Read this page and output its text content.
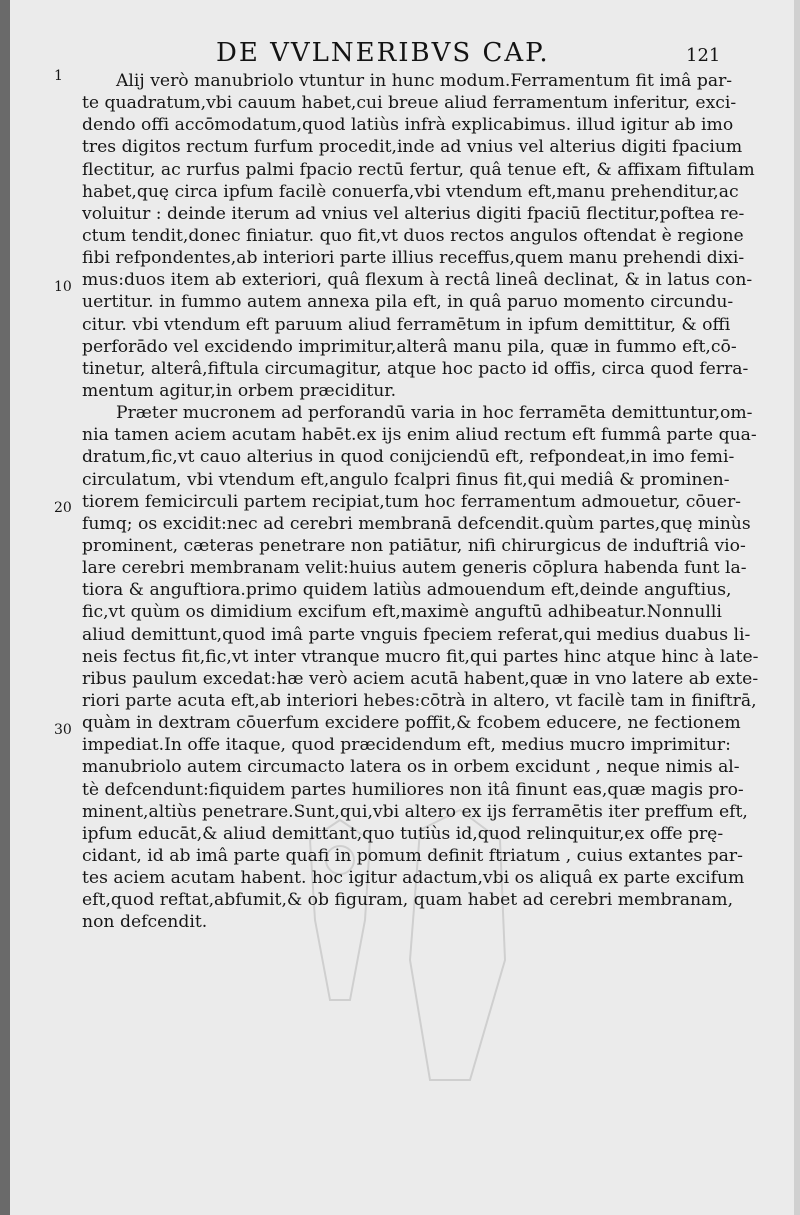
DE VVLNERIBVS CAP.	121
1
10
20
30
Alij verò manubriolo vtuntur in hunc modum.Ferramentum fit imâ par-
te quadratum,vbi cauum habet,cui breue aliud ferramentum inferitur, exci-
dendo offi accōmodatum,quod latiùs infrà explicabimus. illud igitur ab imo
tres digitos rectum furfum procedit,inde ad vnius vel alterius digiti fpacium
flectitur, ac rurfus palmi fpacio rectū fertur, quâ tenue eft, & affixam fiftulam
habet,quę circa ipfum facilè conuerfa,vbi vtendum eft,manu prehenditur,ac
voluitur : deinde iterum ad vnius vel alterius digiti fpaciū flectitur,poftea re-
ctum tendit,donec finiatur. quo fit,vt duos rectos angulos oftendat è regione
fibi refpondentes,ab interiori parte illius receffus,quem manu prehendi dixi-
mus:duos item ab exteriori, quâ flexum à rectâ lineâ declinat, & in latus con-
uertitur. in fummo autem annexa pila eft, in quâ paruo momento circundu-
citur. vbi vtendum eft paruum aliud ferramētum in ipfum demittitur, & offi
perforādo vel excidendo imprimitur,alterâ manu pila, quæ in fummo eft,cō-
tinetur, alterâ,fiftula circumagitur, atque hoc pacto id offis, circa quod ferra-
mentum agitur,in orbem præciditur.
Præter mucronem ad perforandū varia in hoc ferramēta demittuntur,om-
nia tamen aciem acutam habēt.ex ijs enim aliud rectum eft fummâ parte qua-
dratum,fic,vt cauo alterius in quod conijciendū eft, refpondeat,in imo femi-
circulatum, vbi vtendum eft,angulo fcalpri finus fit,qui mediâ & prominen-
tiorem femicirculi partem recipiat,tum hoc ferramentum admouetur, cōuer-
fumq; os excidit:nec ad cerebri membranā defcendit.quùm partes,quę minùs
prominent, cæteras penetrare non patiātur, nifi chirurgicus de induftriâ vio-
lare cerebri membranam velit:huius autem generis cōplura habenda funt la-
tiora & anguftiora.primo quidem latiùs admouendum eft,deinde anguftius,
fic,vt quùm os dimidium excifum eft,maximè anguftū adhibeatur.Nonnulli
aliud demittunt,quod imâ parte vnguis fpeciem referat,qui medius duabus li-
neis fectus fit,fic,vt inter vtranque mucro fit,qui partes hinc atque hinc à late-
ribus paulum excedat:hæ verò aciem acutā habent,quæ in vno latere ab exte-
riori parte acuta eft,ab interiori hebes:cōtrà in altero, vt facilè tam in finiftrā,
quàm in dextram cōuerfum excidere poffit,& fcobem educere, ne fectionem
impediat.In offe itaque, quod præcidendum eft, medius mucro imprimitur:
manubriolo autem circumacto latera os in orbem excidunt , neque nimis al-
tè defcendunt:fiquidem partes humiliores non itâ finunt eas,quæ magis pro-
minent,altiùs penetrare.Sunt,qui,vbi altero ex ijs ferramētis iter preffum eft,
ipfum educāt,& aliud demittant,quo tutiùs id,quod relinquitur,ex offe prę-
cidant, id ab imâ parte quafi in pomum definit ftriatum , cuius extantes par-
tes aciem acutam habent. hoc igitur adactum,vbi os aliquâ ex parte excifum
eft,quod reftat,abfumit,& ob figuram, quam habet ad cerebri membranam,
non defcendit.
